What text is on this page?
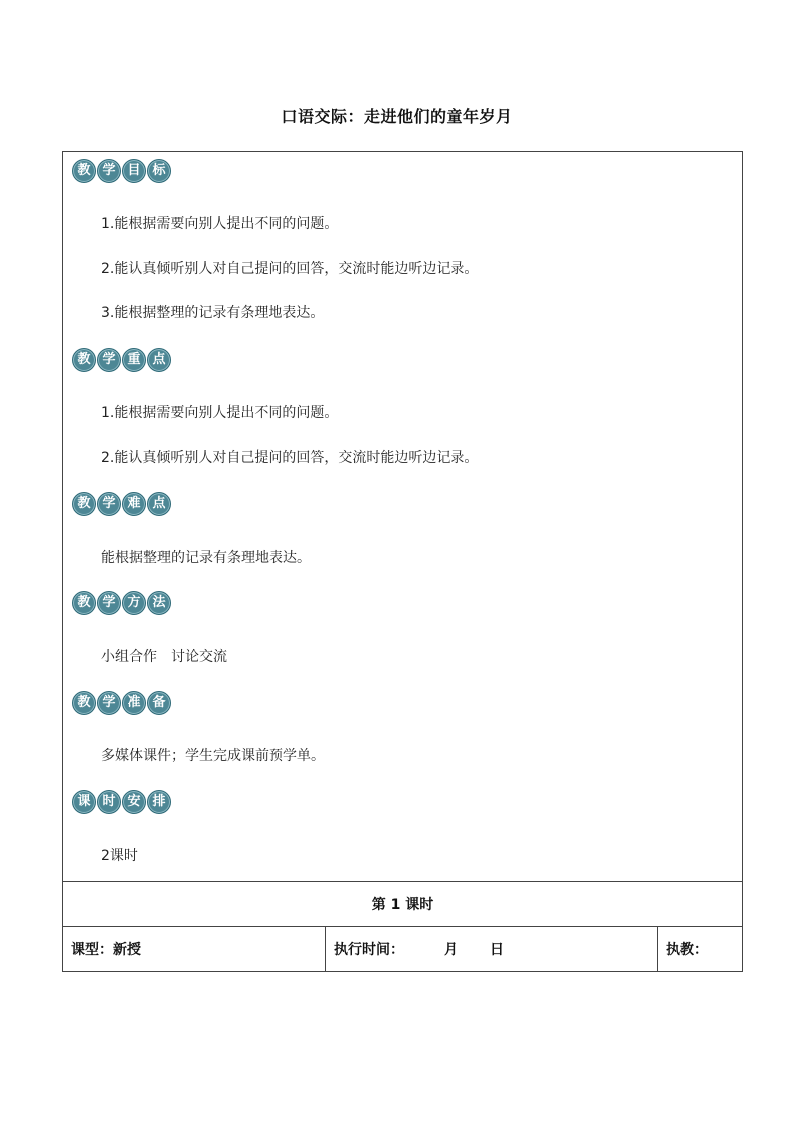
口语交际：走进他们的童年岁月
教 学 目 标
1.能根据需要向别人提出不同的问题。
2.能认真倾听别人对自己提问的回答，交流时能边听边记录。
3.能根据整理的记录有条理地表达。
教 学 重 点
1.能根据需要向别人提出不同的问题。
2.能认真倾听别人对自己提问的回答，交流时能边听边记录。
教 学 难 点
能根据整理的记录有条理地表达。
教 学 方 法
小组合作　讨论交流
教 学 准 备
多媒体课件；学生完成课前预学单。
课 时 安 排
2课时
第 1 课时
课型：新授	执行时间：	月 日	执教：
